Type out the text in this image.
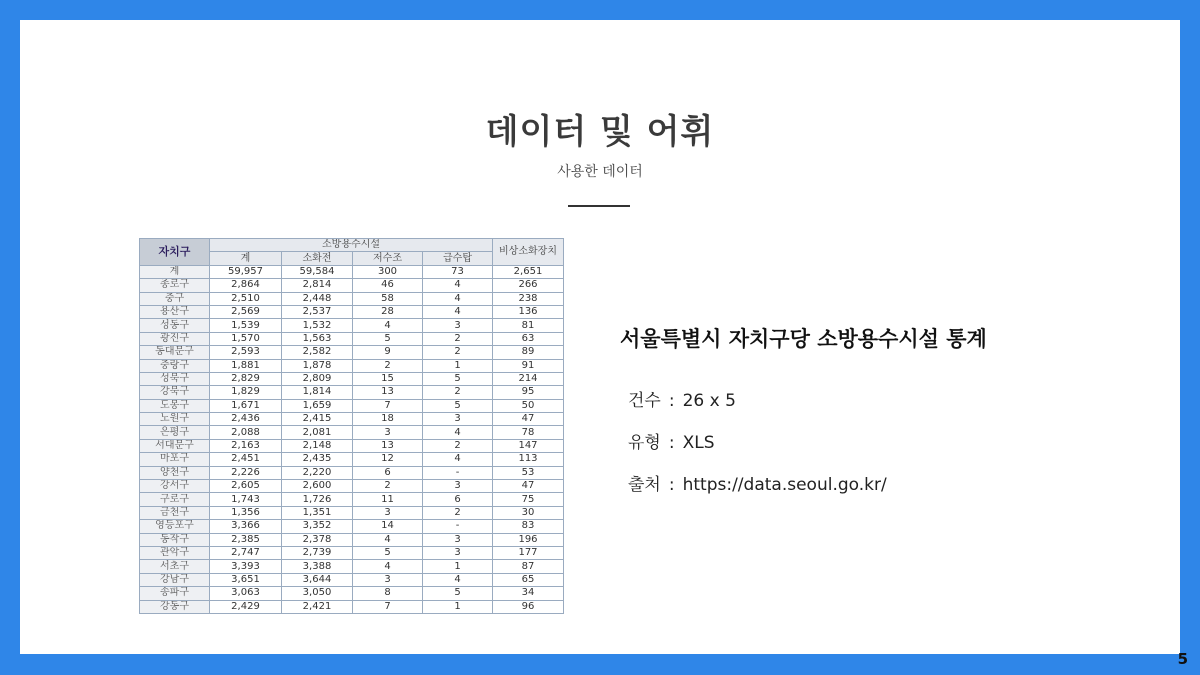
데이터 및 어휘
사용한 데이터
자치구	소방용수시설				비상소화장치
	계	소화전	저수조	급수탑	
계	59,957	59,584	300	73	2,651
종로구	2,864	2,814	46	4	266
중구	2,510	2,448	58	4	238
용산구	2,569	2,537	28	4	136
성동구	1,539	1,532	4	3	81
광진구	1,570	1,563	5	2	63
동대문구	2,593	2,582	9	2	89
중랑구	1,881	1,878	2	1	91
성북구	2,829	2,809	15	5	214
강북구	1,829	1,814	13	2	95
도봉구	1,671	1,659	7	5	50
노원구	2,436	2,415	18	3	47
은평구	2,088	2,081	3	4	78
서대문구	2,163	2,148	13	2	147
마포구	2,451	2,435	12	4	113
양천구	2,226	2,220	6	-	53
강서구	2,605	2,600	2	3	47
구로구	1,743	1,726	11	6	75
금천구	1,356	1,351	3	2	30
영등포구	3,366	3,352	14	-	83
동작구	2,385	2,378	4	3	196
관악구	2,747	2,739	5	3	177
서초구	3,393	3,388	4	1	87
강남구	3,651	3,644	3	4	65
송파구	3,063	3,050	8	5	34
강동구	2,429	2,421	7	1	96
서울특별시 자치구당 소방용수시설 통계
건수 : 26 x 5
유형 : XLS
출처 : https://data.seoul.go.kr/
5
